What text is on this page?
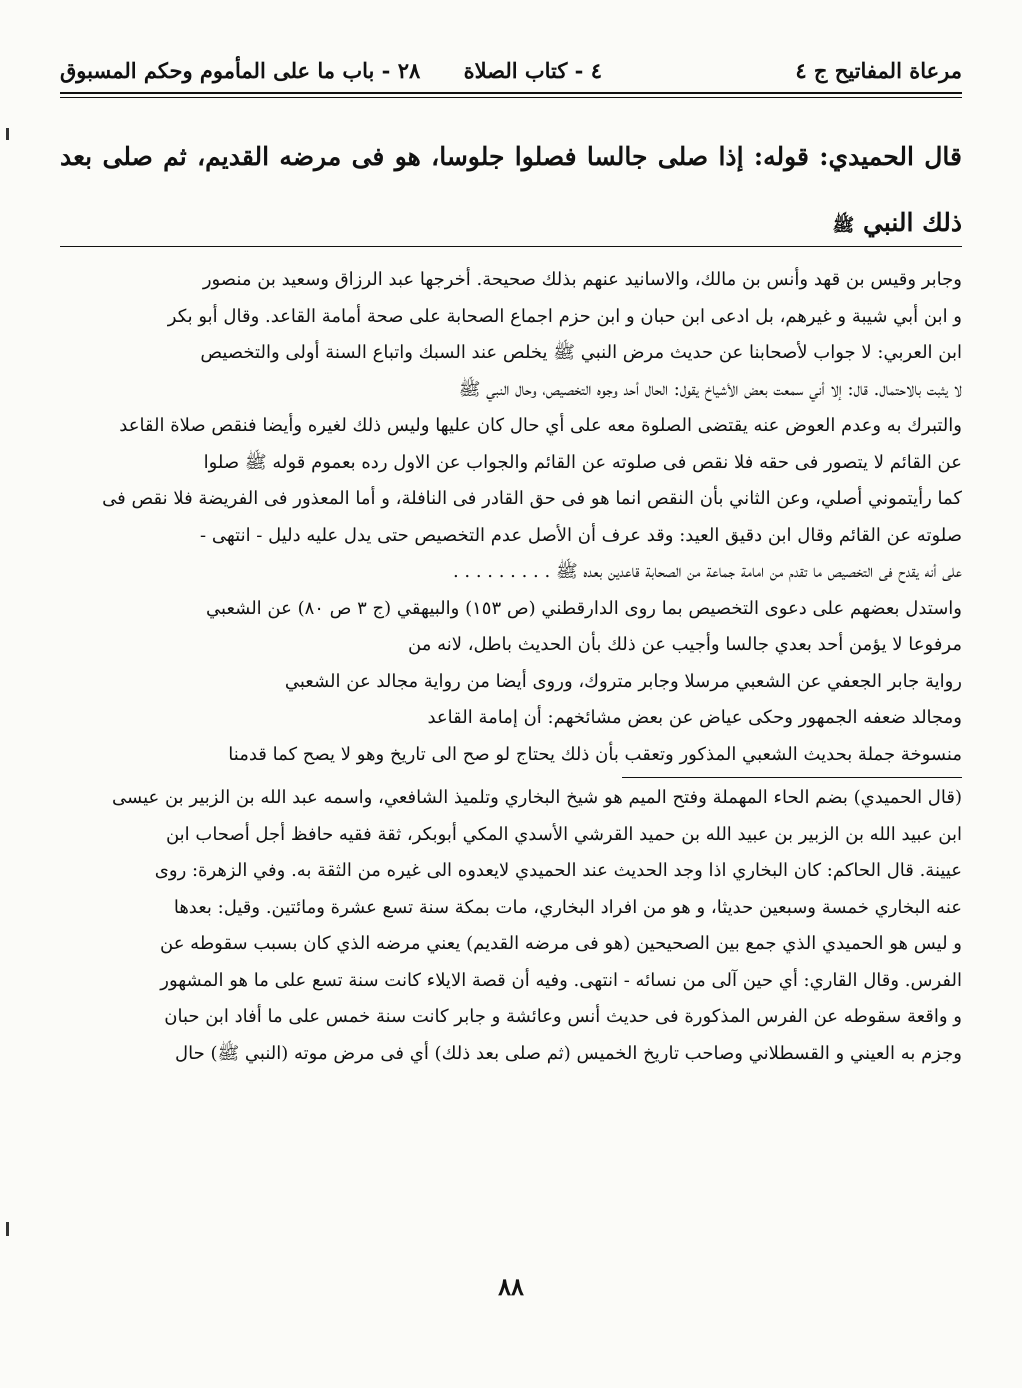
مرعاة المفاتيح ج ٤
٤ - كتاب الصلاة
٢٨ - باب ما على المأموم وحكم المسبوق
قال الحميدي: قوله: إذا صلى جالسا فصلوا جلوسا، هو فى مرضه القديم، ثم صلى بعد ذلك النبي ﷺ
وجابر وقيس بن قهد وأنس بن مالك، والاسانيد عنهم بذلك صحيحة. أخرجها عبد الرزاق وسعيد بن منصور
و ابن أبي شيبة و غيرهم، بل ادعى ابن حبان و ابن حزم اجماع الصحابة على صحة أمامة القاعد. وقال أبو بكر
ابن العربي: لا جواب لأصحابنا عن حديث مرض النبي ﷺ يخلص عند السبك واتباع السنة أولى والتخصيص
لا يثبت بالاحتمال. قال: إلا أني سمعت بعض الأشياخ يقول: الحال أحد وجوه التخصيص، وحال النبي ﷺ
والتبرك به وعدم العوض عنه يقتضى الصلوة معه على أي حال كان عليها وليس ذلك لغيره وأيضا فنقص صلاة القاعد
عن القائم لا يتصور فى حقه فلا نقص فى صلوته عن القائم والجواب عن الاول رده بعموم قوله ﷺ صلوا
كما رأيتموني أصلي، وعن الثاني بأن النقص انما هو فى حق القادر فى النافلة، و أما المعذور فى الفريضة فلا نقص فى
صلوته عن القائم وقال ابن دقيق العيد: وقد عرف أن الأصل عدم التخصيص حتى يدل عليه دليل - انتهى -
على أنه يقدح فى التخصيص ما تقدم من امامة جماعة من الصحابة قاعدين بعده ﷺ . . . . . . . . .
واستدل بعضهم على دعوى التخصيص بما روى الدارقطني (ص ١٥٣) والبيهقي (ج ٣ ص ٨٠) عن الشعبي
مرفوعا لا يؤمن أحد بعدي جالسا وأجيب عن ذلك بأن الحديث باطل، لانه من
رواية جابر الجعفي عن الشعبي مرسلا وجابر متروك، وروى أيضا من رواية مجالد عن الشعبي
ومجالد ضعفه الجمهور وحكى عياض عن بعض مشائخهم: أن إمامة القاعد
منسوخة جملة بحديث الشعبي المذكور وتعقب بأن ذلك يحتاج لو صح الى تاريخ وهو لا يصح كما قدمنا
(قال الحميدي) بضم الحاء المهملة وفتح الميم هو شيخ البخاري وتلميذ الشافعي، واسمه عبد الله بن الزبير بن عيسى
ابن عبيد الله بن الزبير بن عبيد الله بن حميد القرشي الأسدي المكي أبوبكر، ثقة فقيه حافظ أجل أصحاب ابن
عيينة. قال الحاكم: كان البخاري اذا وجد الحديث عند الحميدي لايعدوه الى غيره من الثقة به. وفي الزهرة: روى
عنه البخاري خمسة وسبعين حديثا، و هو من افراد البخاري، مات بمكة سنة تسع عشرة ومائتين. وقيل: بعدها
و ليس هو الحميدي الذي جمع بين الصحيحين (هو فى مرضه القديم) يعني مرضه الذي كان بسبب سقوطه عن
الفرس. وقال القاري: أي حين آلى من نسائه - انتهى. وفيه أن قصة الايلاء كانت سنة تسع على ما هو المشهور
و واقعة سقوطه عن الفرس المذكورة فى حديث أنس وعائشة و جابر كانت سنة خمس على ما أفاد ابن حبان
وجزم به العيني و القسطلاني وصاحب تاريخ الخميس (ثم صلى بعد ذلك) أي فى مرض موته (النبي ﷺ) حال
٨٨
